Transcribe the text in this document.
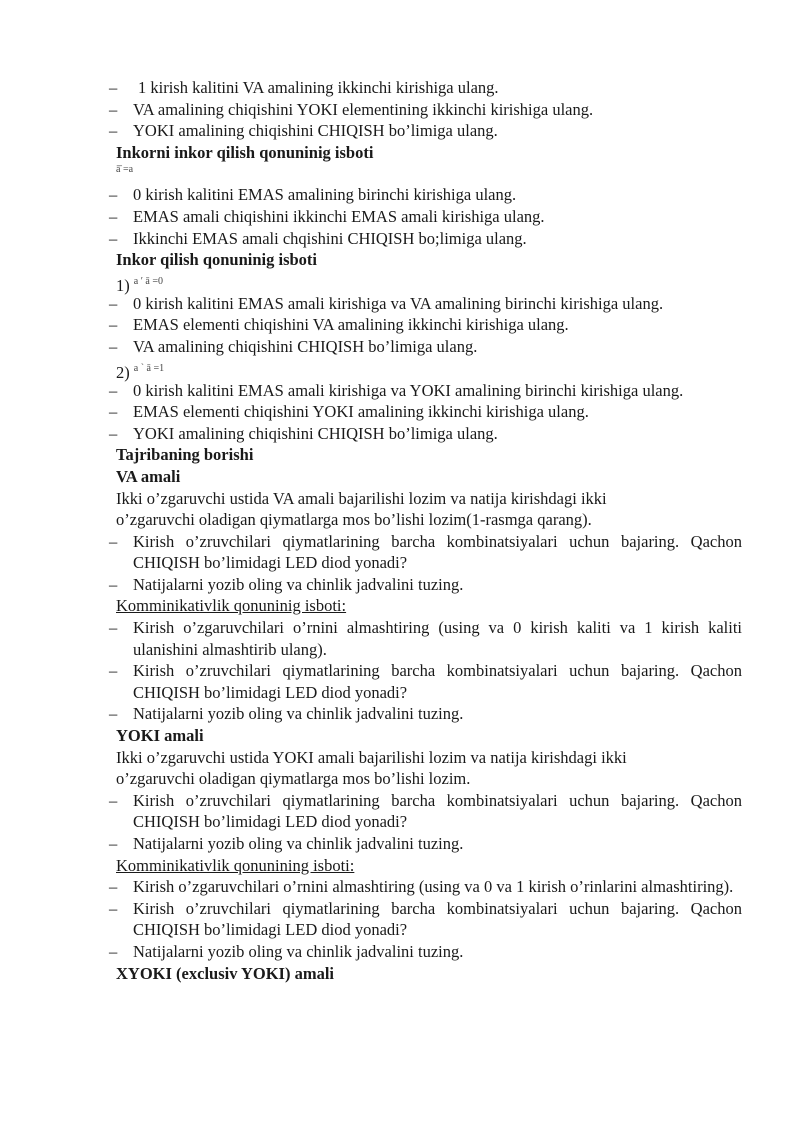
– 1 kirish kalitini VA amalining ikkinchi kirishiga ulang.
– VA amalining chiqishini YOKI elementining ikkinchi kirishiga ulang.
– YOKI amalining chiqishini CHIQISH bo’limiga ulang.
Inkorni inkor qilish qonuninig isboti
ā̄ =a
– 0 kirish kalitini EMAS amalining birinchi kirishiga ulang.
– EMAS amali chiqishini ikkinchi EMAS amali kirishiga ulang.
– Ikkinchi EMAS amali chqishini CHIQISH bo;limiga ulang.
Inkor qilish qonuninig isboti
1) $^{a ʹ ā =0}$
– 0 kirish kalitini EMAS amali kirishiga va VA amalining birinchi kirishiga ulang.
– EMAS elementi chiqishini VA amalining ikkinchi kirishiga ulang.
– VA amalining chiqishini CHIQISH bo’limiga ulang.
2) $^{a ˋ ā =1}$
– 0 kirish kalitini EMAS amali kirishiga va YOKI amalining birinchi kirishiga ulang.
– EMAS elementi chiqishini YOKI amalining ikkinchi kirishiga ulang.
– YOKI amalining chiqishini CHIQISH bo’limiga ulang.
Tajribaning borishi
VA amali
Ikki o’zgaruvchi ustida VA amali bajarilishi lozim va natija kirishdagi ikki
o’zgaruvchi oladigan qiymatlarga mos bo’lishi lozim(1-rasmga qarang).
– Kirish o’zruvchilari qiymatlarining barcha kombinatsiyalari uchun bajaring. Qachon CHIQISH bo’limidagi LED diod yonadi?
– Natijalarni yozib oling va chinlik jadvalini tuzing.
Komminikativlik qonuninig isboti:
– Kirish o’zgaruvchilari o’rnini almashtiring (using va 0 kirish kaliti va 1 kirish kaliti ulanishini almashtirib ulang).
– Kirish o’zruvchilari qiymatlarining barcha kombinatsiyalari uchun bajaring. Qachon CHIQISH bo’limidagi LED diod yonadi?
– Natijalarni yozib oling va chinlik jadvalini tuzing.
YOKI amali
Ikki o’zgaruvchi ustida YOKI amali bajarilishi lozim va natija kirishdagi ikki
o’zgaruvchi oladigan qiymatlarga mos bo’lishi lozim.
– Kirish o’zruvchilari qiymatlarining barcha kombinatsiyalari uchun bajaring. Qachon CHIQISH bo’limidagi LED diod yonadi?
– Natijalarni yozib oling va chinlik jadvalini tuzing.
Komminikativlik qonunining isboti:
– Kirish o’zgaruvchilari o’rnini almashtiring (using va 0 va 1 kirish o’rinlarini almashtiring).
– Kirish o’zruvchilari qiymatlarining barcha kombinatsiyalari uchun bajaring. Qachon CHIQISH bo’limidagi LED diod yonadi?
– Natijalarni yozib oling va chinlik jadvalini tuzing.
XYOKI (exclusiv YOKI) amali
